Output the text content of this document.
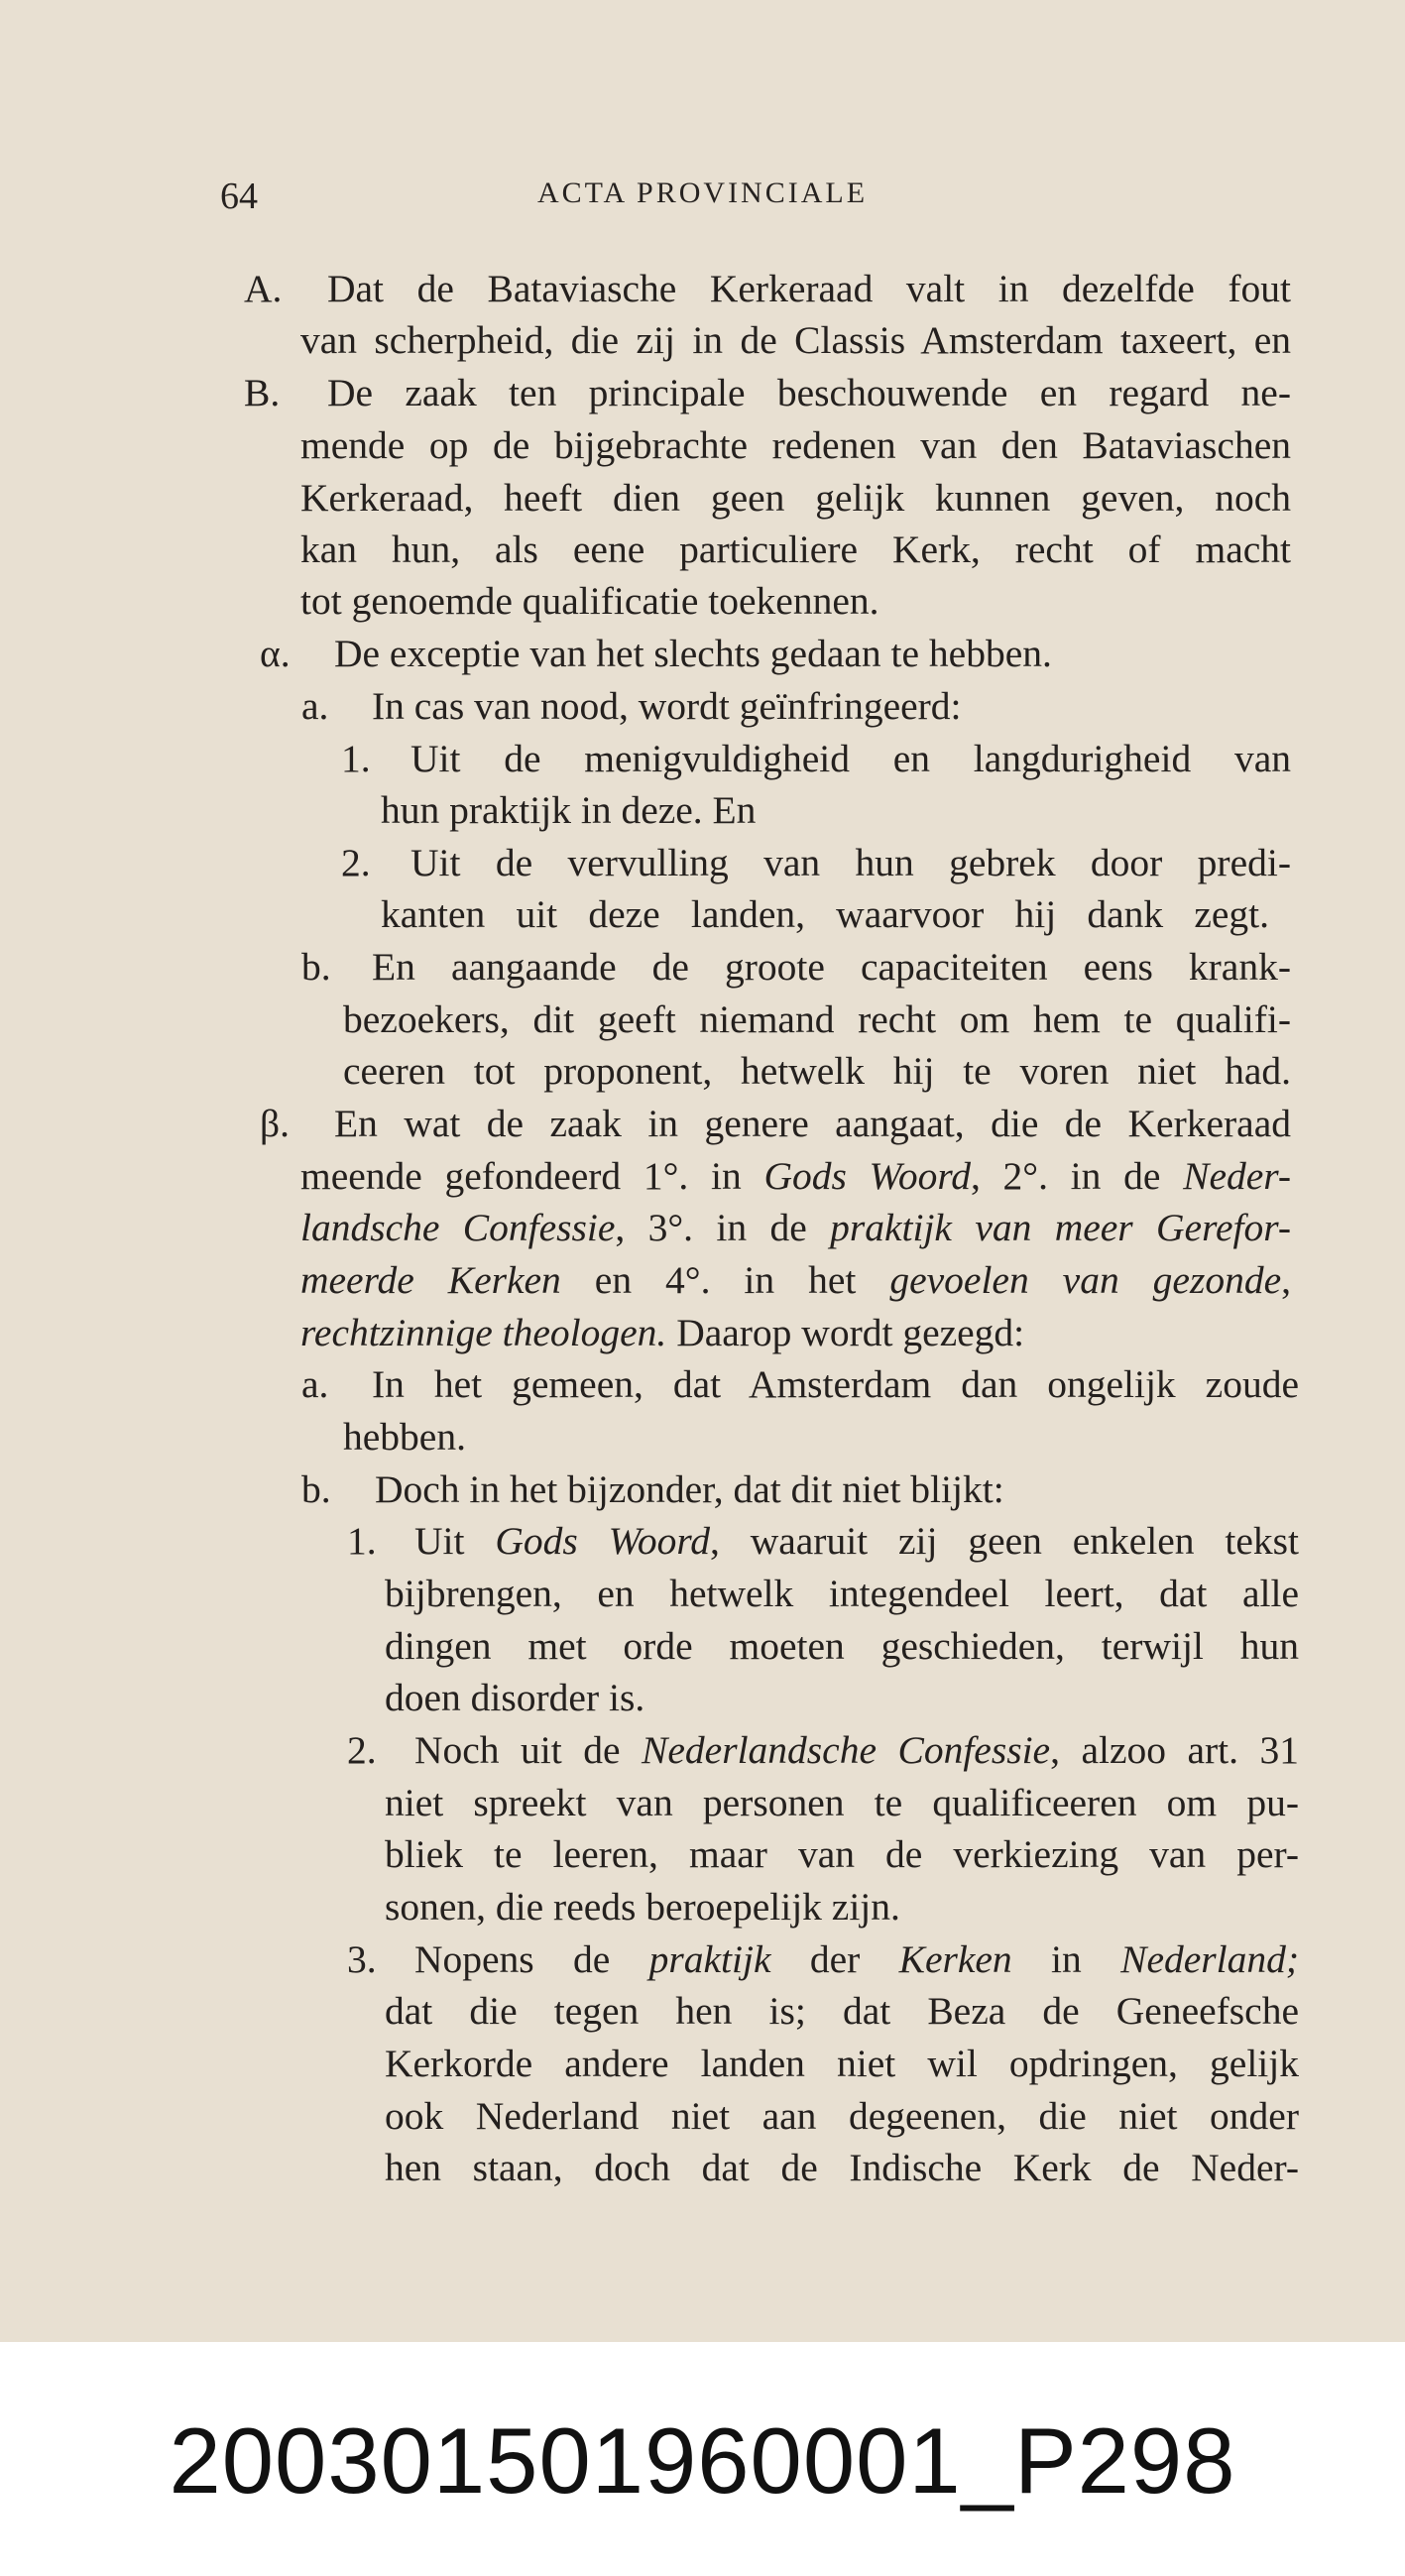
64	ACTA PROVINCIALE
A. Dat de Bataviasche Kerkeraad valt in dezelfde fout
van scherpheid, die zij in de Classis Amsterdam taxeert, en
B. De zaak ten principale beschouwende en regard ne-
mende op de bijgebrachte redenen van den Bataviaschen
Kerkeraad, heeft dien geen gelijk kunnen geven, noch
kan hun, als eene particuliere Kerk, recht of macht
tot genoemde qualificatie toekennen.
α. De exceptie van het slechts gedaan te hebben.
a. In cas van nood, wordt geïnfringeerd:
1. Uit de menigvuldigheid en langdurigheid van
hun praktijk in deze. En
2. Uit de vervulling van hun gebrek door predi-
kanten uit deze landen, waarvoor hij dank zegt.
b. En aangaande de groote capaciteiten eens krank-
bezoekers, dit geeft niemand recht om hem te qualifi-
ceeren tot proponent, hetwelk hij te voren niet had.
β. En wat de zaak in genere aangaat, die de Kerkeraad
meende gefondeerd 1°. in Gods Woord, 2°. in de Neder-
landsche Confessie, 3°. in de praktijk van meer Gerefor-
meerde Kerken en 4°. in het gevoelen van gezonde,
rechtzinnige theologen. Daarop wordt gezegd:
a. In het gemeen, dat Amsterdam dan ongelijk zoude
hebben.
b. Doch in het bijzonder, dat dit niet blijkt:
1. Uit Gods Woord, waaruit zij geen enkelen tekst
bijbrengen, en hetwelk integendeel leert, dat alle
dingen met orde moeten geschieden, terwijl hun
doen disorder is.
2. Noch uit de Nederlandsche Confessie, alzoo art. 31
niet spreekt van personen te qualificeeren om pu-
bliek te leeren, maar van de verkiezing van per-
sonen, die reeds beroepelijk zijn.
3. Nopens de praktijk der Kerken in Nederland;
dat die tegen hen is; dat Beza de Geneefsche
Kerkorde andere landen niet wil opdringen, gelijk
ook Nederland niet aan degeenen, die niet onder
hen staan, doch dat de Indische Kerk de Neder-
200301501960001_P298
